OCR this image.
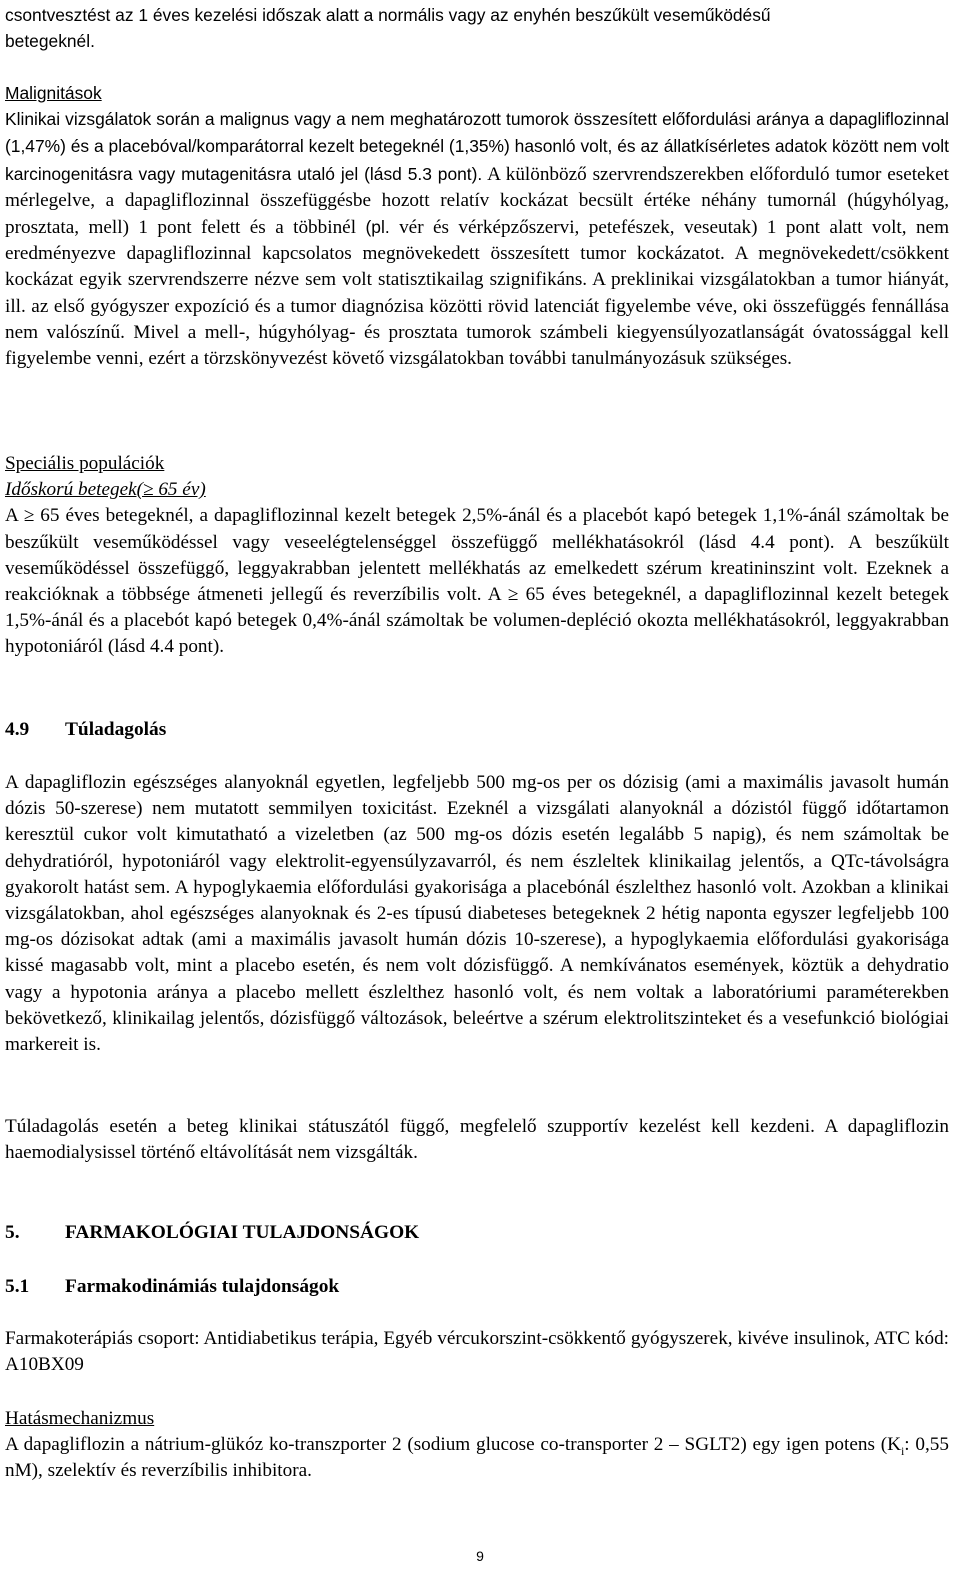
csontvesztést az 1 éves kezelési időszak alatt a normális vagy az enyhén beszűkült veseműködésű

betegeknél.

Malignitások

Klinikai vizsgálatok során a malignus vagy a nem meghatározott tumorok összesített előfordulási aránya a dapagliflozinnal (1,47%) és a placebóval/komparátorral kezelt betegeknél (1,35%) hasonló volt, és az állatkísérletes adatok között nem volt karcinogenitásra vagy mutagenitásra utaló jel (lásd 5.3 pont). A különböző szervrendszerekben előforduló tumor eseteket mérlegelve, a dapagliflozinnal összefüggésbe hozott relatív kockázat becsült értéke néhány tumornál (húgyhólyag, prosztata, mell) 1 pont felett és a többinél (pl. vér és vérképzőszervi, petefészek, veseutak) 1 pont alatt volt, nem eredményezve dapagliflozinnal kapcsolatos megnövekedett összesített tumor kockázatot. A megnövekedett/csökkent kockázat egyik szervrendszerre nézve sem volt statisztikailag szignifikáns. A preklinikai vizsgálatokban a tumor hiányát, ill. az első gyógyszer expozíció és a tumor diagnózisa közötti rövid latenciát figyelembe véve, oki összefüggés fennállása nem valószínű. Mivel a mell-, húgyhólyag- és prosztata tumorok számbeli kiegyensúlyozatlanságát óvatossággal kell figyelembe venni, ezért a törzskönyvezést követő vizsgálatokban további tanulmányozásuk szükséges.

Speciális populációk

Időskorú betegek(≥ 65 év)

A ≥ 65 éves betegeknél, a dapagliflozinnal kezelt betegek 2,5%-ánál és a placebót kapó betegek 1,1%-ánál számoltak be beszűkült veseműködéssel vagy veseelégtelenséggel összefüggő mellékhatásokról (lásd 4.4 pont). A beszűkült veseműködéssel összefüggő, leggyakrabban jelentett mellékhatás az emelkedett szérum kreatininszint volt. Ezeknek a reakcióknak a többsége átmeneti jellegű és reverzíbilis volt. A ≥ 65 éves betegeknél, a dapagliflozinnal kezelt betegek 1,5%-ánál és a placebót kapó betegek 0,4%-ánál számoltak be volumen-depléció okozta mellékhatásokról, leggyakrabban hypotoniáról (lásd 4.4 pont).

4.9 Túladagolás

A dapagliflozin egészséges alanyoknál egyetlen, legfeljebb 500 mg-os per os dózisig (ami a maximális javasolt humán dózis 50-szerese) nem mutatott semmilyen toxicitást. Ezeknél a vizsgálati alanyoknál a dózistól függő időtartamon keresztül cukor volt kimutatható a vizeletben (az 500 mg-os dózis esetén legalább 5 napig), és nem számoltak be dehydratióról, hypotoniáról vagy elektrolit-egyensúlyzavarról, és nem észleltek klinikailag jelentős, a QTc-távolságra gyakorolt hatást sem. A hypoglykaemia előfordulási gyakorisága a placebónál észlelthez hasonló volt. Azokban a klinikai vizsgálatokban, ahol egészséges alanyoknak és 2-es típusú diabeteses betegeknek 2 hétig naponta egyszer legfeljebb 100 mg-os dózisokat adtak (ami a maximális javasolt humán dózis 10-szerese), a hypoglykaemia előfordulási gyakorisága kissé magasabb volt, mint a placebo esetén, és nem volt dózisfüggő. A nemkívánatos események, köztük a dehydratio vagy a hypotonia aránya a placebo mellett észlelthez hasonló volt, és nem voltak a laboratóriumi paraméterekben bekövetkező, klinikailag jelentős, dózisfüggő változások, beleértve a szérum elektrolitszinteket és a vesefunkció biológiai markereit is.

Túladagolás esetén a beteg klinikai státuszától függő, megfelelő szupportív kezelést kell kezdeni. A dapagliflozin haemodialysissel történő eltávolítását nem vizsgálták.

5. FARMAKOLÓGIAI TULAJDONSÁGOK

5.1 Farmakodinámiás tulajdonságok

Farmakoterápiás csoport: Antidiabetikus terápia, Egyéb vércukorszint-csökkentő gyógyszerek, kivéve insulinok, ATC kód: A10BX09

Hatásmechanizmus

A dapagliflozin a nátrium-glükóz ko-transzporter 2 (sodium glucose co-transporter 2 – SGLT2) egy igen potens ($K_i$: 0,55 nM), szelektív és reverzíbilis inhibitora.

9
